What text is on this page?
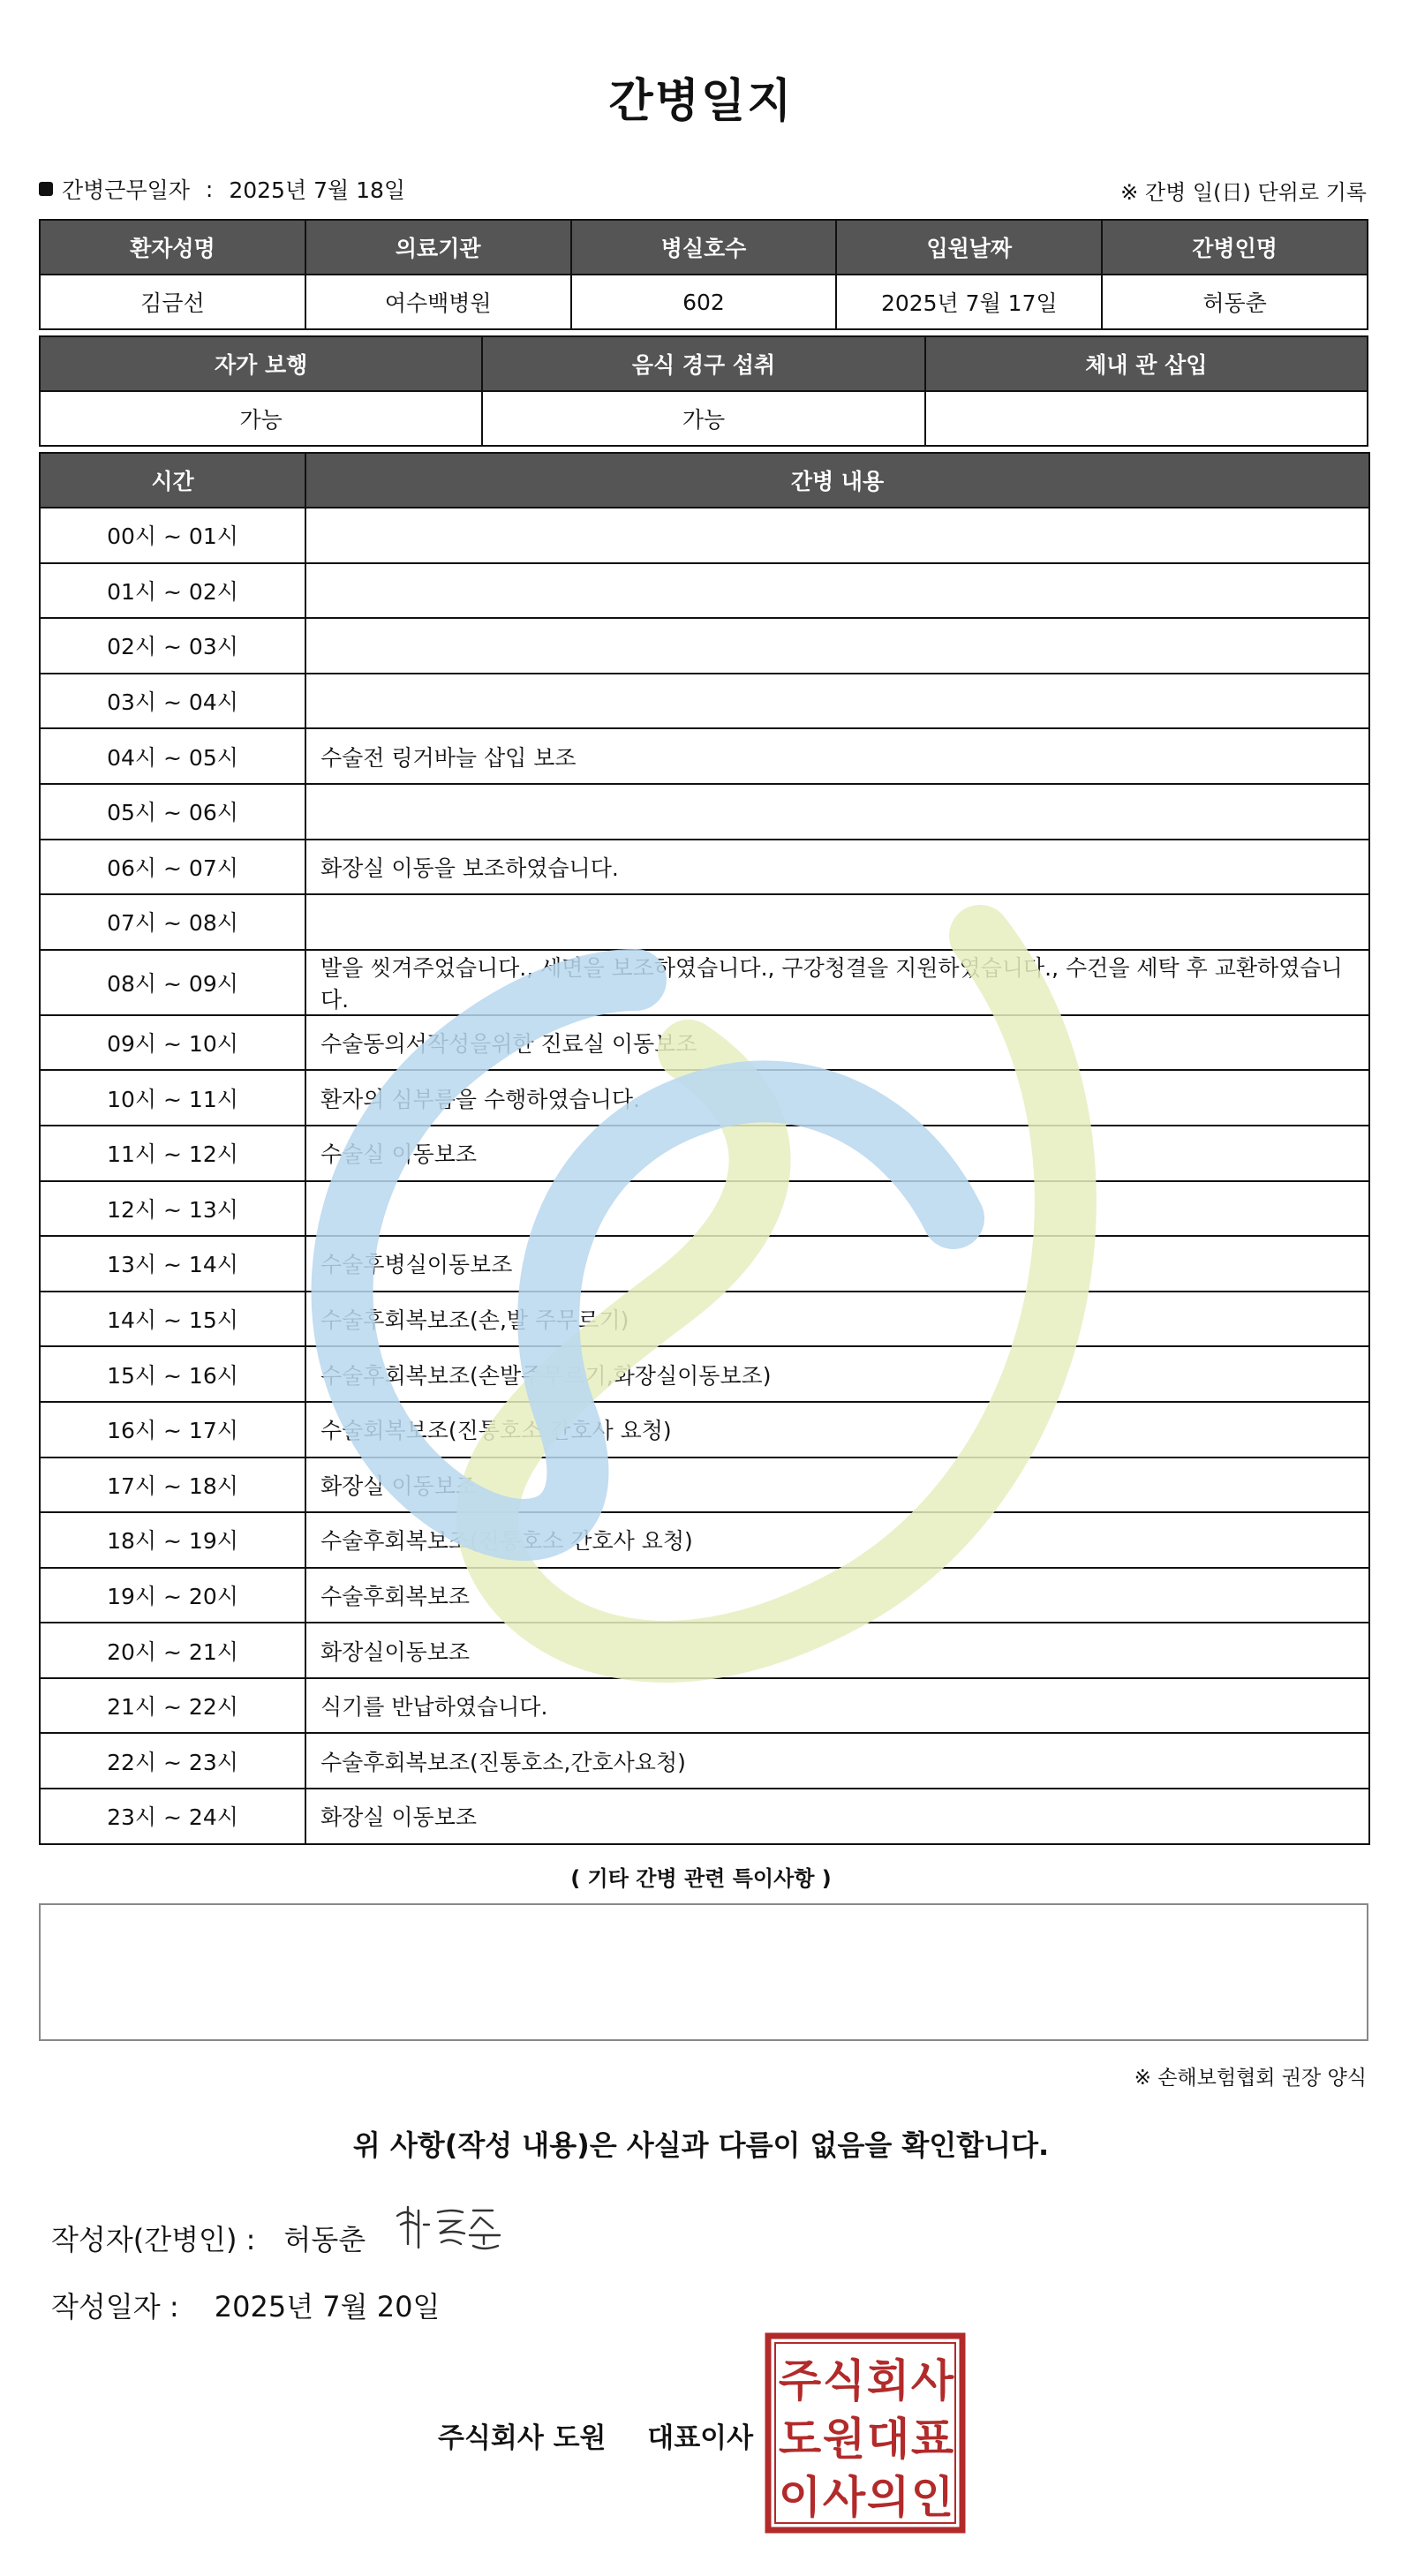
간병일지
간병근무일자 : 2025년 7월 18일	※ 간병 일(日) 단위로 기록
환자성명	의료기관	병실호수	입원날짜	간병인명
김금선	여수백병원	602	2025년 7월 17일	허동춘
자가 보행	음식 경구 섭취	체내 관 삽입
가능	가능	
시간	간병 내용
00시 ~ 01시	
01시 ~ 02시	
02시 ~ 03시	
03시 ~ 04시	
04시 ~ 05시	수술전 링거바늘 삽입 보조
05시 ~ 06시	
06시 ~ 07시	화장실 이동을 보조하였습니다.
07시 ~ 08시	
08시 ~ 09시	발을 씻겨주었습니다., 세면을 보조하였습니다., 구강청결을 지원하였습니다., 수건을 세탁 후 교환하였습니다.
09시 ~ 10시	수술동의서작성을위한 진료실 이동보조
10시 ~ 11시	환자의 심부름을 수행하였습니다.
11시 ~ 12시	수술실 이동보조
12시 ~ 13시	
13시 ~ 14시	수술후병실이동보조
14시 ~ 15시	수술후회복보조(손,발 주무르기)
15시 ~ 16시	수술후회복보조(손발주무르기,화장실이동보조)
16시 ~ 17시	수술회복보조(진통호소 간호사 요청)
17시 ~ 18시	화장실 이동보조
18시 ~ 19시	수술후회복보조(진통호소 간호사 요청)
19시 ~ 20시	수술후회복보조
20시 ~ 21시	화장실이동보조
21시 ~ 22시	식기를 반납하였습니다.
22시 ~ 23시	수술후회복보조(진통호소,간호사요청)
23시 ~ 24시	화장실 이동보조
( 기타 간병 관련 특이사항 )
※ 손해보험협회 권장 양식
위 사항(작성 내용)은 사실과 다름이 없음을 확인합니다.
작성자(간병인) : 허동춘
작성일자 : 2025년 7월 20일
주식회사 도원 대표이사
주 식 회 사
도 원 대 표
이 사 의 인
